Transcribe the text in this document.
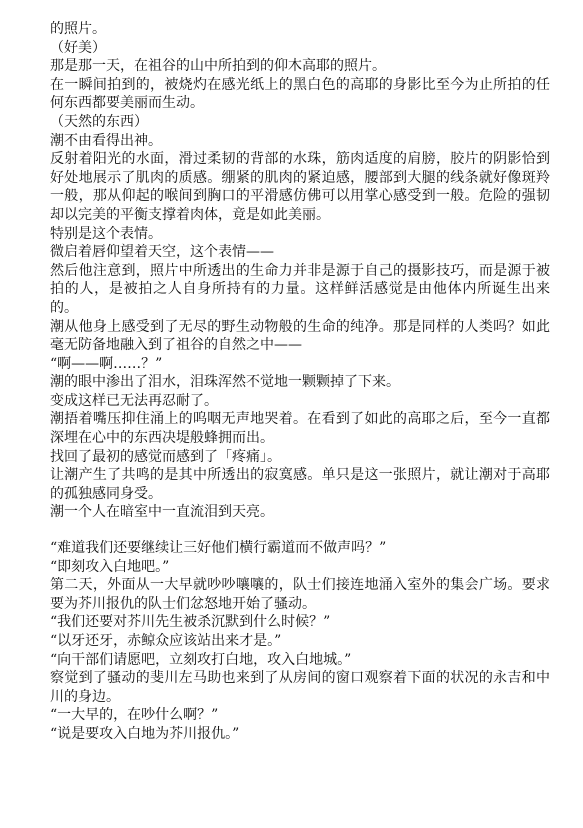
的照片。

（好美）

那是那一天，在祖谷的山中所拍到的仰木高耶的照片。

在一瞬间拍到的，被烧灼在感光纸上的黑白色的高耶的身影比至今为止所拍的任何东西都要美丽而生动。

（天然的东西）

潮不由看得出神。

反射着阳光的水面，滑过柔韧的背部的水珠，筋肉适度的肩膀，胶片的阴影恰到好处地展示了肌肉的质感。绷紧的肌肉的紧迫感，腰部到大腿的线条就好像斑羚一般，那从仰起的喉间到胸口的平滑感仿佛可以用掌心感受到一般。危险的强韧却以完美的平衡支撑着肉体，竟是如此美丽。

特别是这个表情。

微启着唇仰望着天空，这个表情——

然后他注意到，照片中所透出的生命力并非是源于自己的摄影技巧，而是源于被拍的人，是被拍之人自身所持有的力量。这样鲜活感觉是由他体内所诞生出来的。

潮从他身上感受到了无尽的野生动物般的生命的纯净。那是同样的人类吗？如此毫无防备地融入到了祖谷的自然之中——

“啊——啊……？”

潮的眼中渗出了泪水，泪珠浑然不觉地一颗颗掉了下来。

变成这样已无法再忍耐了。

潮捂着嘴压抑住涌上的呜咽无声地哭着。在看到了如此的高耶之后，至今一直都深埋在心中的东西决堤般蜂拥而出。

找回了最初的感觉而感到了「疼痛」。

让潮产生了共鸣的是其中所透出的寂寞感。单只是这一张照片，就让潮对于高耶的孤独感同身受。

潮一个人在暗室中一直流泪到天亮。

“难道我们还要继续让三好他们横行霸道而不做声吗？”

“即刻攻入白地吧。”

第二天，外面从一大早就吵吵嚷嚷的，队士们接连地涌入室外的集会广场。要求要为芥川报仇的队士们忿怒地开始了骚动。

“我们还要对芥川先生被杀沉默到什么时候？”

“以牙还牙，赤鲸众应该站出来才是。”

“向干部们请愿吧，立刻攻打白地，攻入白地城。”

察觉到了骚动的斐川左马助也来到了从房间的窗口观察着下面的状况的永吉和中川的身边。

“一大早的，在吵什么啊？”

“说是要攻入白地为芥川报仇。”
